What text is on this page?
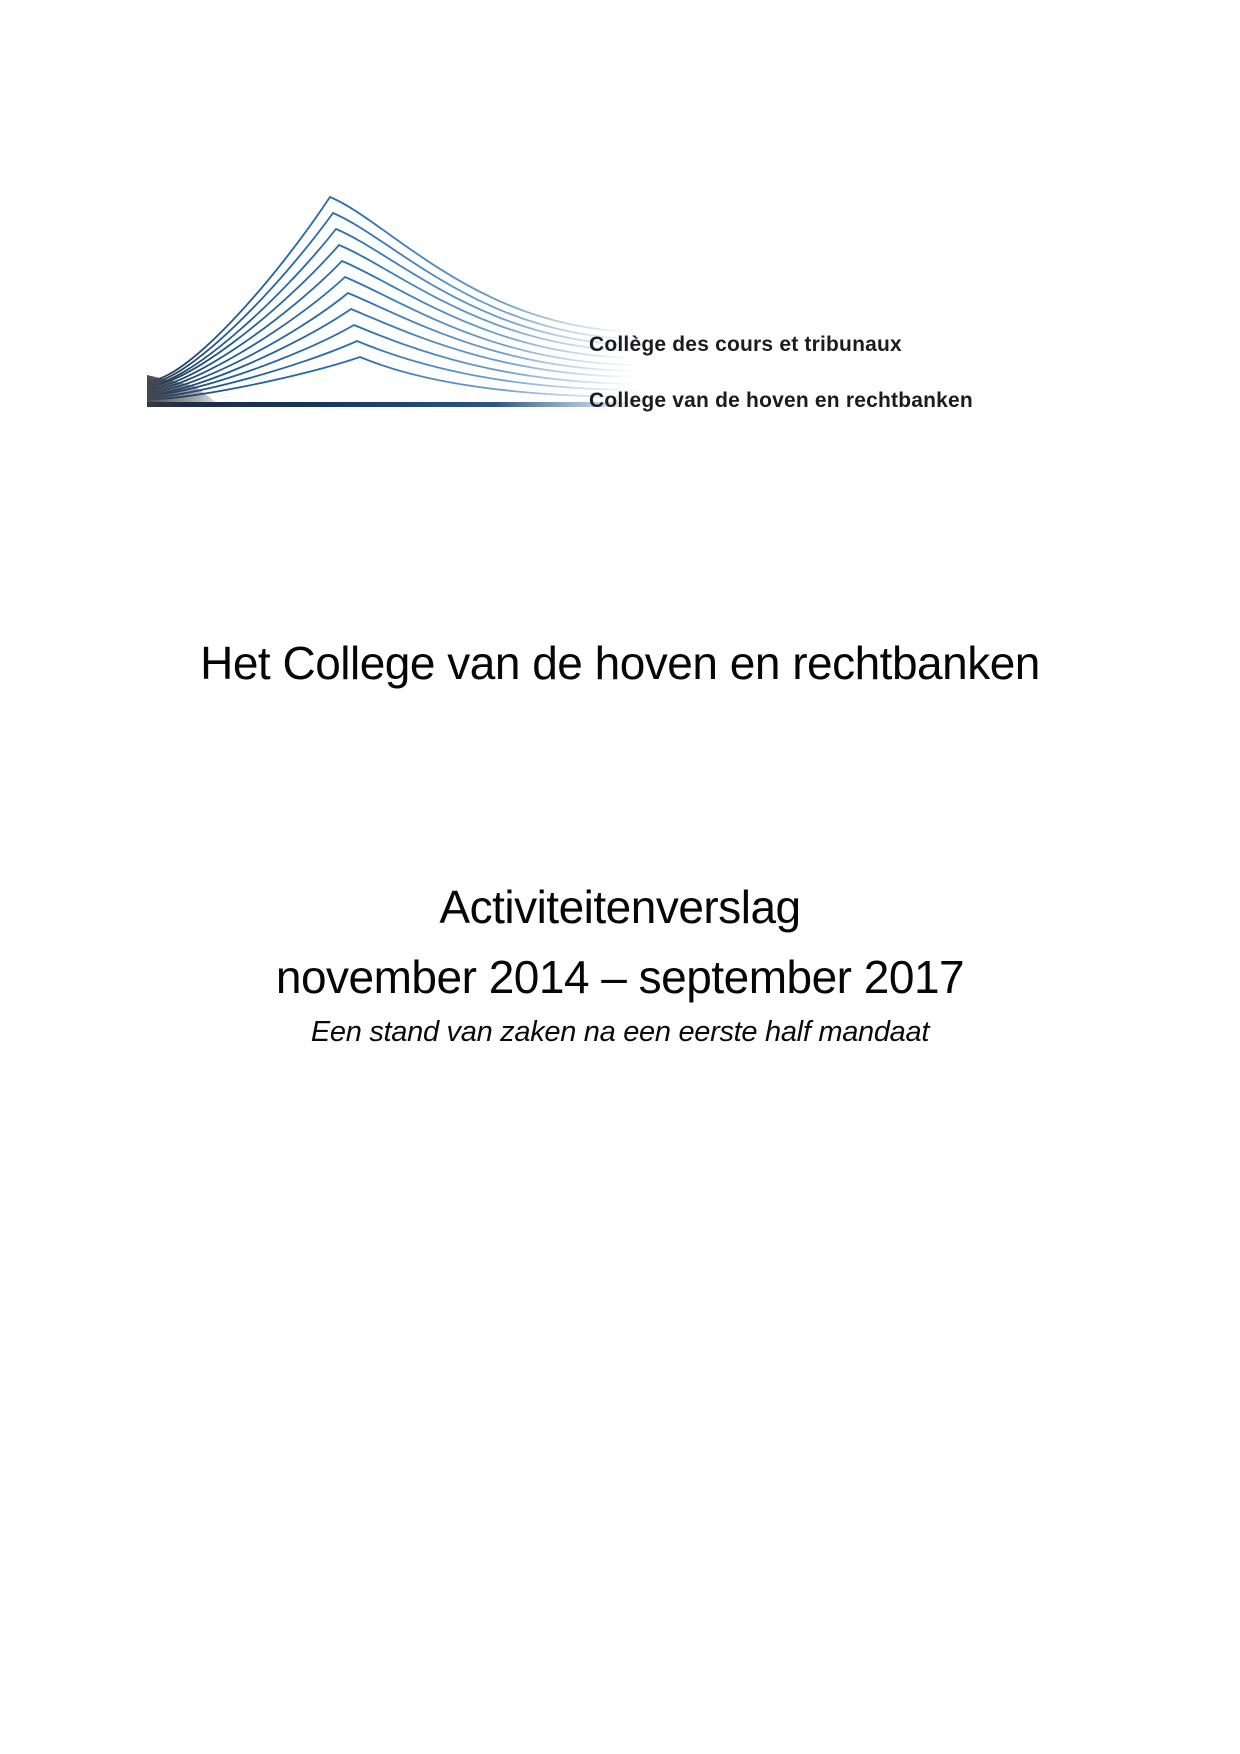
Collège des cours et tribunaux
College van de hoven en rechtbanken
Het College van de hoven en rechtbanken
Activiteitenverslag
november 2014 – september 2017
Een stand van zaken na een eerste half mandaat
